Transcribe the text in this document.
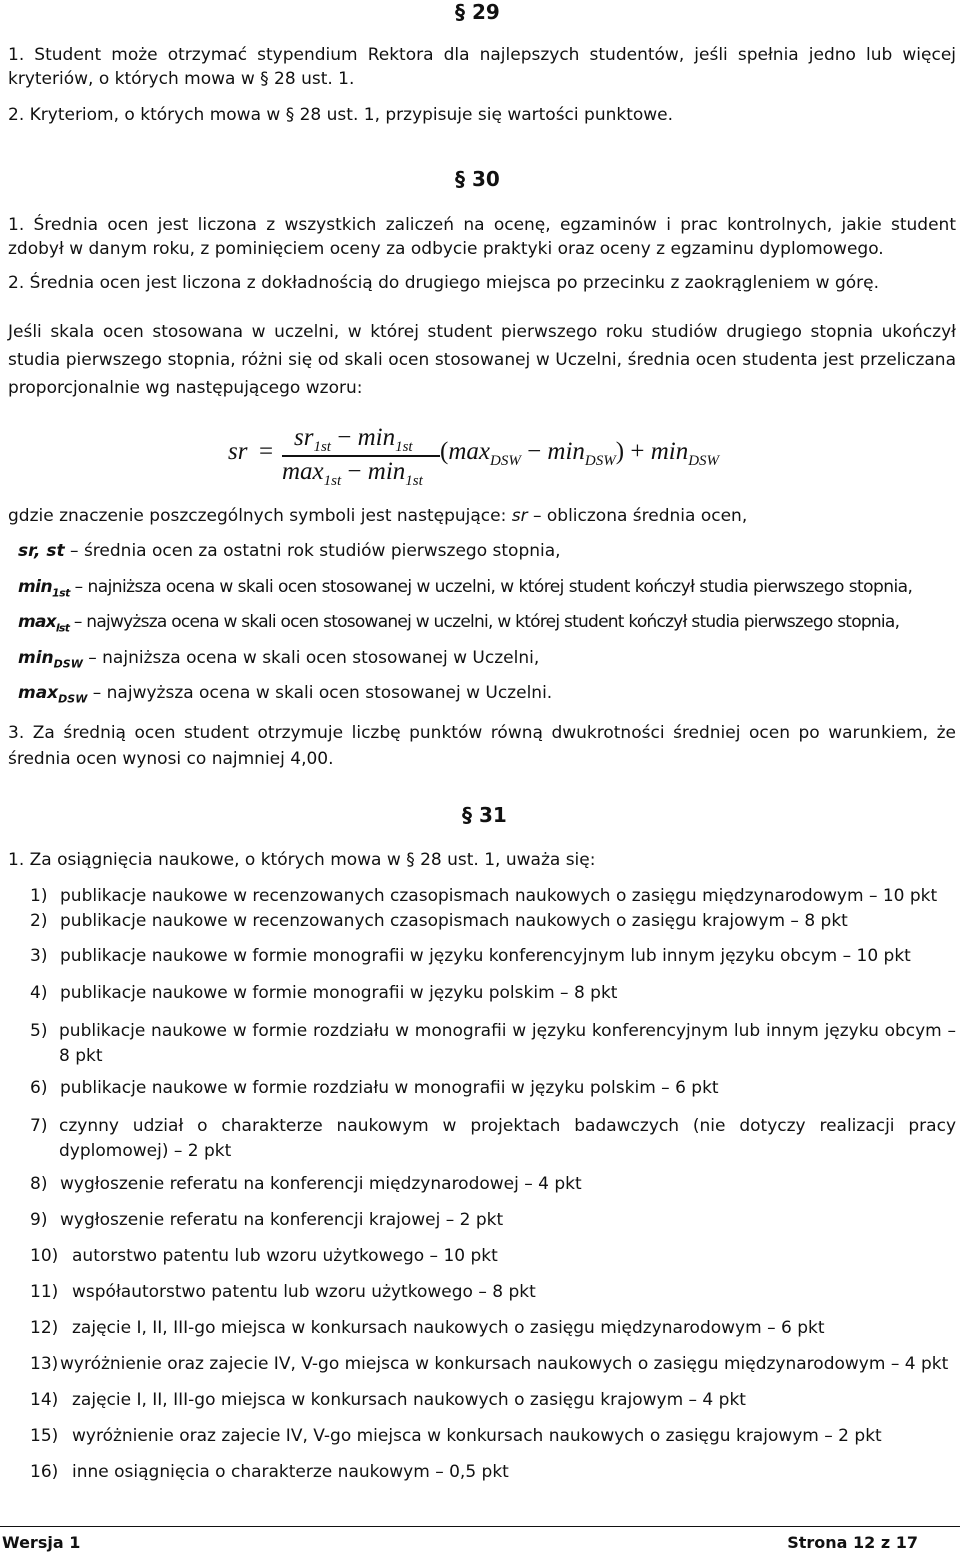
§ 29
1. Student może otrzymać stypendium Rektora dla najlepszych studentów, jeśli spełnia jedno lub więcej kryteriów, o których mowa w § 28 ust. 1.
2. Kryteriom, o których mowa w § 28 ust. 1, przypisuje się wartości punktowe.
§ 30
1. Średnia ocen jest liczona z wszystkich zaliczeń na ocenę, egzaminów i prac kontrolnych, jakie student zdobył w danym roku, z pominięciem oceny za odbycie praktyki oraz oceny z egzaminu dyplomowego.
2. Średnia ocen jest liczona z dokładnością do drugiego miejsca po przecinku z zaokrągleniem w górę.
Jeśli skala ocen stosowana w uczelni, w której student pierwszego roku studiów drugiego stopnia ukończył studia pierwszego stopnia, różni się od skali ocen stosowanej w Uczelni, średnia ocen studenta jest przeliczana proporcjonalnie wg następującego wzoru:
sr =
$sr_{1st} - \min_{1st}$
$\max_{1st} - \min_{1st}$
$(\max_{DSW} - \min_{DSW}) + \min_{DSW}$
gdzie znaczenie poszczególnych symboli jest następujące: sr – obliczona średnia ocen,
sr, st – średnia ocen za ostatni rok studiów pierwszego stopnia,
$\min_{1st}$ – najniższa ocena w skali ocen stosowanej w uczelni, w której student kończył studia pierwszego stopnia,
$\max_{lst}$ – najwyższa ocena w skali ocen stosowanej w uczelni, w której student kończył studia pierwszego stopnia,
$\min_{DSW}$ – najniższa ocena w skali ocen stosowanej w Uczelni,
$\max_{DSW}$ – najwyższa ocena w skali ocen stosowanej w Uczelni.
3. Za średnią ocen student otrzymuje liczbę punktów równą dwukrotności średniej ocen po warunkiem, że średnia ocen wynosi co najmniej 4,00.
§ 31
1. Za osiągnięcia naukowe, o których mowa w § 28 ust. 1, uważa się:
1) publikacje naukowe w recenzowanych czasopismach naukowych o zasięgu międzynarodowym – 10 pkt
2) publikacje naukowe w recenzowanych czasopismach naukowych o zasięgu krajowym – 8 pkt
3) publikacje naukowe w formie monografii w języku konferencyjnym lub innym języku obcym – 10 pkt
4) publikacje naukowe w formie monografii w języku polskim – 8 pkt
5) publikacje naukowe w formie rozdziału w monografii w języku konferencyjnym lub innym języku obcym – 8 pkt
6) publikacje naukowe w formie rozdziału w monografii w języku polskim – 6 pkt
7) czynny udział o charakterze naukowym w projektach badawczych (nie dotyczy realizacji pracy dyplomowej) – 2 pkt
8) wygłoszenie referatu na konferencji międzynarodowej – 4 pkt
9) wygłoszenie referatu na konferencji krajowej – 2 pkt
10) autorstwo patentu lub wzoru użytkowego – 10 pkt
11) współautorstwo patentu lub wzoru użytkowego – 8 pkt
12) zajęcie I, II, III-go miejsca w konkursach naukowych o zasięgu międzynarodowym – 6 pkt
13) wyróżnienie oraz zajecie IV, V-go miejsca w konkursach naukowych o zasięgu międzynarodowym – 4 pkt
14) zajęcie I, II, III-go miejsca w konkursach naukowych o zasięgu krajowym – 4 pkt
15) wyróżnienie oraz zajecie IV, V-go miejsca w konkursach naukowych o zasięgu krajowym – 2 pkt
16) inne osiągnięcia o charakterze naukowym – 0,5 pkt
Wersja 1	Strona 12 z 17
